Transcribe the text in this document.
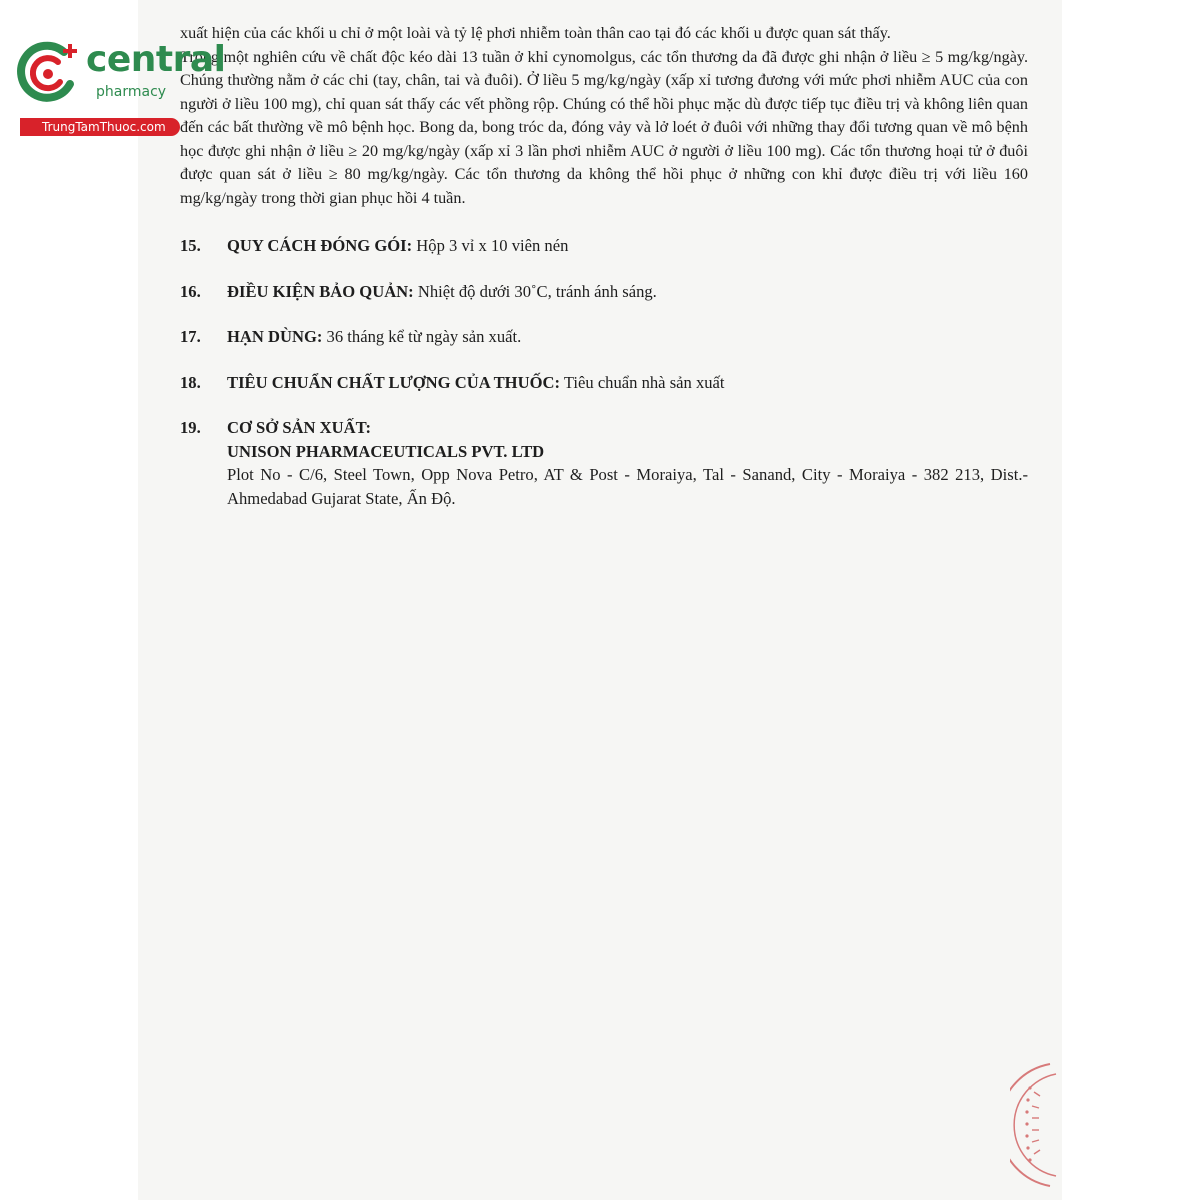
xuất hiện của các khối u chỉ ở một loài và tỷ lệ phơi nhiễm toàn thân cao tại đó các khối u được quan sát thấy.

Trong một nghiên cứu về chất độc kéo dài 13 tuần ở khỉ cynomolgus, các tổn thương da đã được ghi nhận ở liều ≥ 5 mg/kg/ngày. Chúng thường nằm ở các chi (tay, chân, tai và đuôi). Ở liều 5 mg/kg/ngày (xấp xỉ tương đương với mức phơi nhiễm AUC của con người ở liều 100 mg), chỉ quan sát thấy các vết phồng rộp. Chúng có thể hồi phục mặc dù được tiếp tục điều trị và không liên quan đến các bất thường về mô bệnh học. Bong da, bong tróc da, đóng vảy và lở loét ở đuôi với những thay đổi tương quan về mô bệnh học được ghi nhận ở liều ≥ 20 mg/kg/ngày (xấp xỉ 3 lần phơi nhiễm AUC ở người ở liều 100 mg). Các tổn thương hoại tử ở đuôi được quan sát ở liều ≥ 80 mg/kg/ngày. Các tổn thương da không thể hồi phục ở những con khỉ được điều trị với liều 160 mg/kg/ngày trong thời gian phục hồi 4 tuần.

15.	QUY CÁCH ĐÓNG GÓI: Hộp 3 vỉ x 10 viên nén
16.	ĐIỀU KIỆN BẢO QUẢN: Nhiệt độ dưới 30˚C, tránh ánh sáng.
17.	HẠN DÙNG: 36 tháng kể từ ngày sản xuất.
18.	TIÊU CHUẨN CHẤT LƯỢNG CỦA THUỐC: Tiêu chuẩn nhà sản xuất
19.	CƠ SỞ SẢN XUẤT:
UNISON PHARMACEUTICALS PVT. LTD
Plot No - C/6, Steel Town, Opp Nova Petro, AT & Post - Moraiya, Tal - Sanand, City - Moraiya - 382 213, Dist.-Ahmedabad Gujarat State, Ấn Độ.
central
pharmacy
TrungTamThuoc.com
